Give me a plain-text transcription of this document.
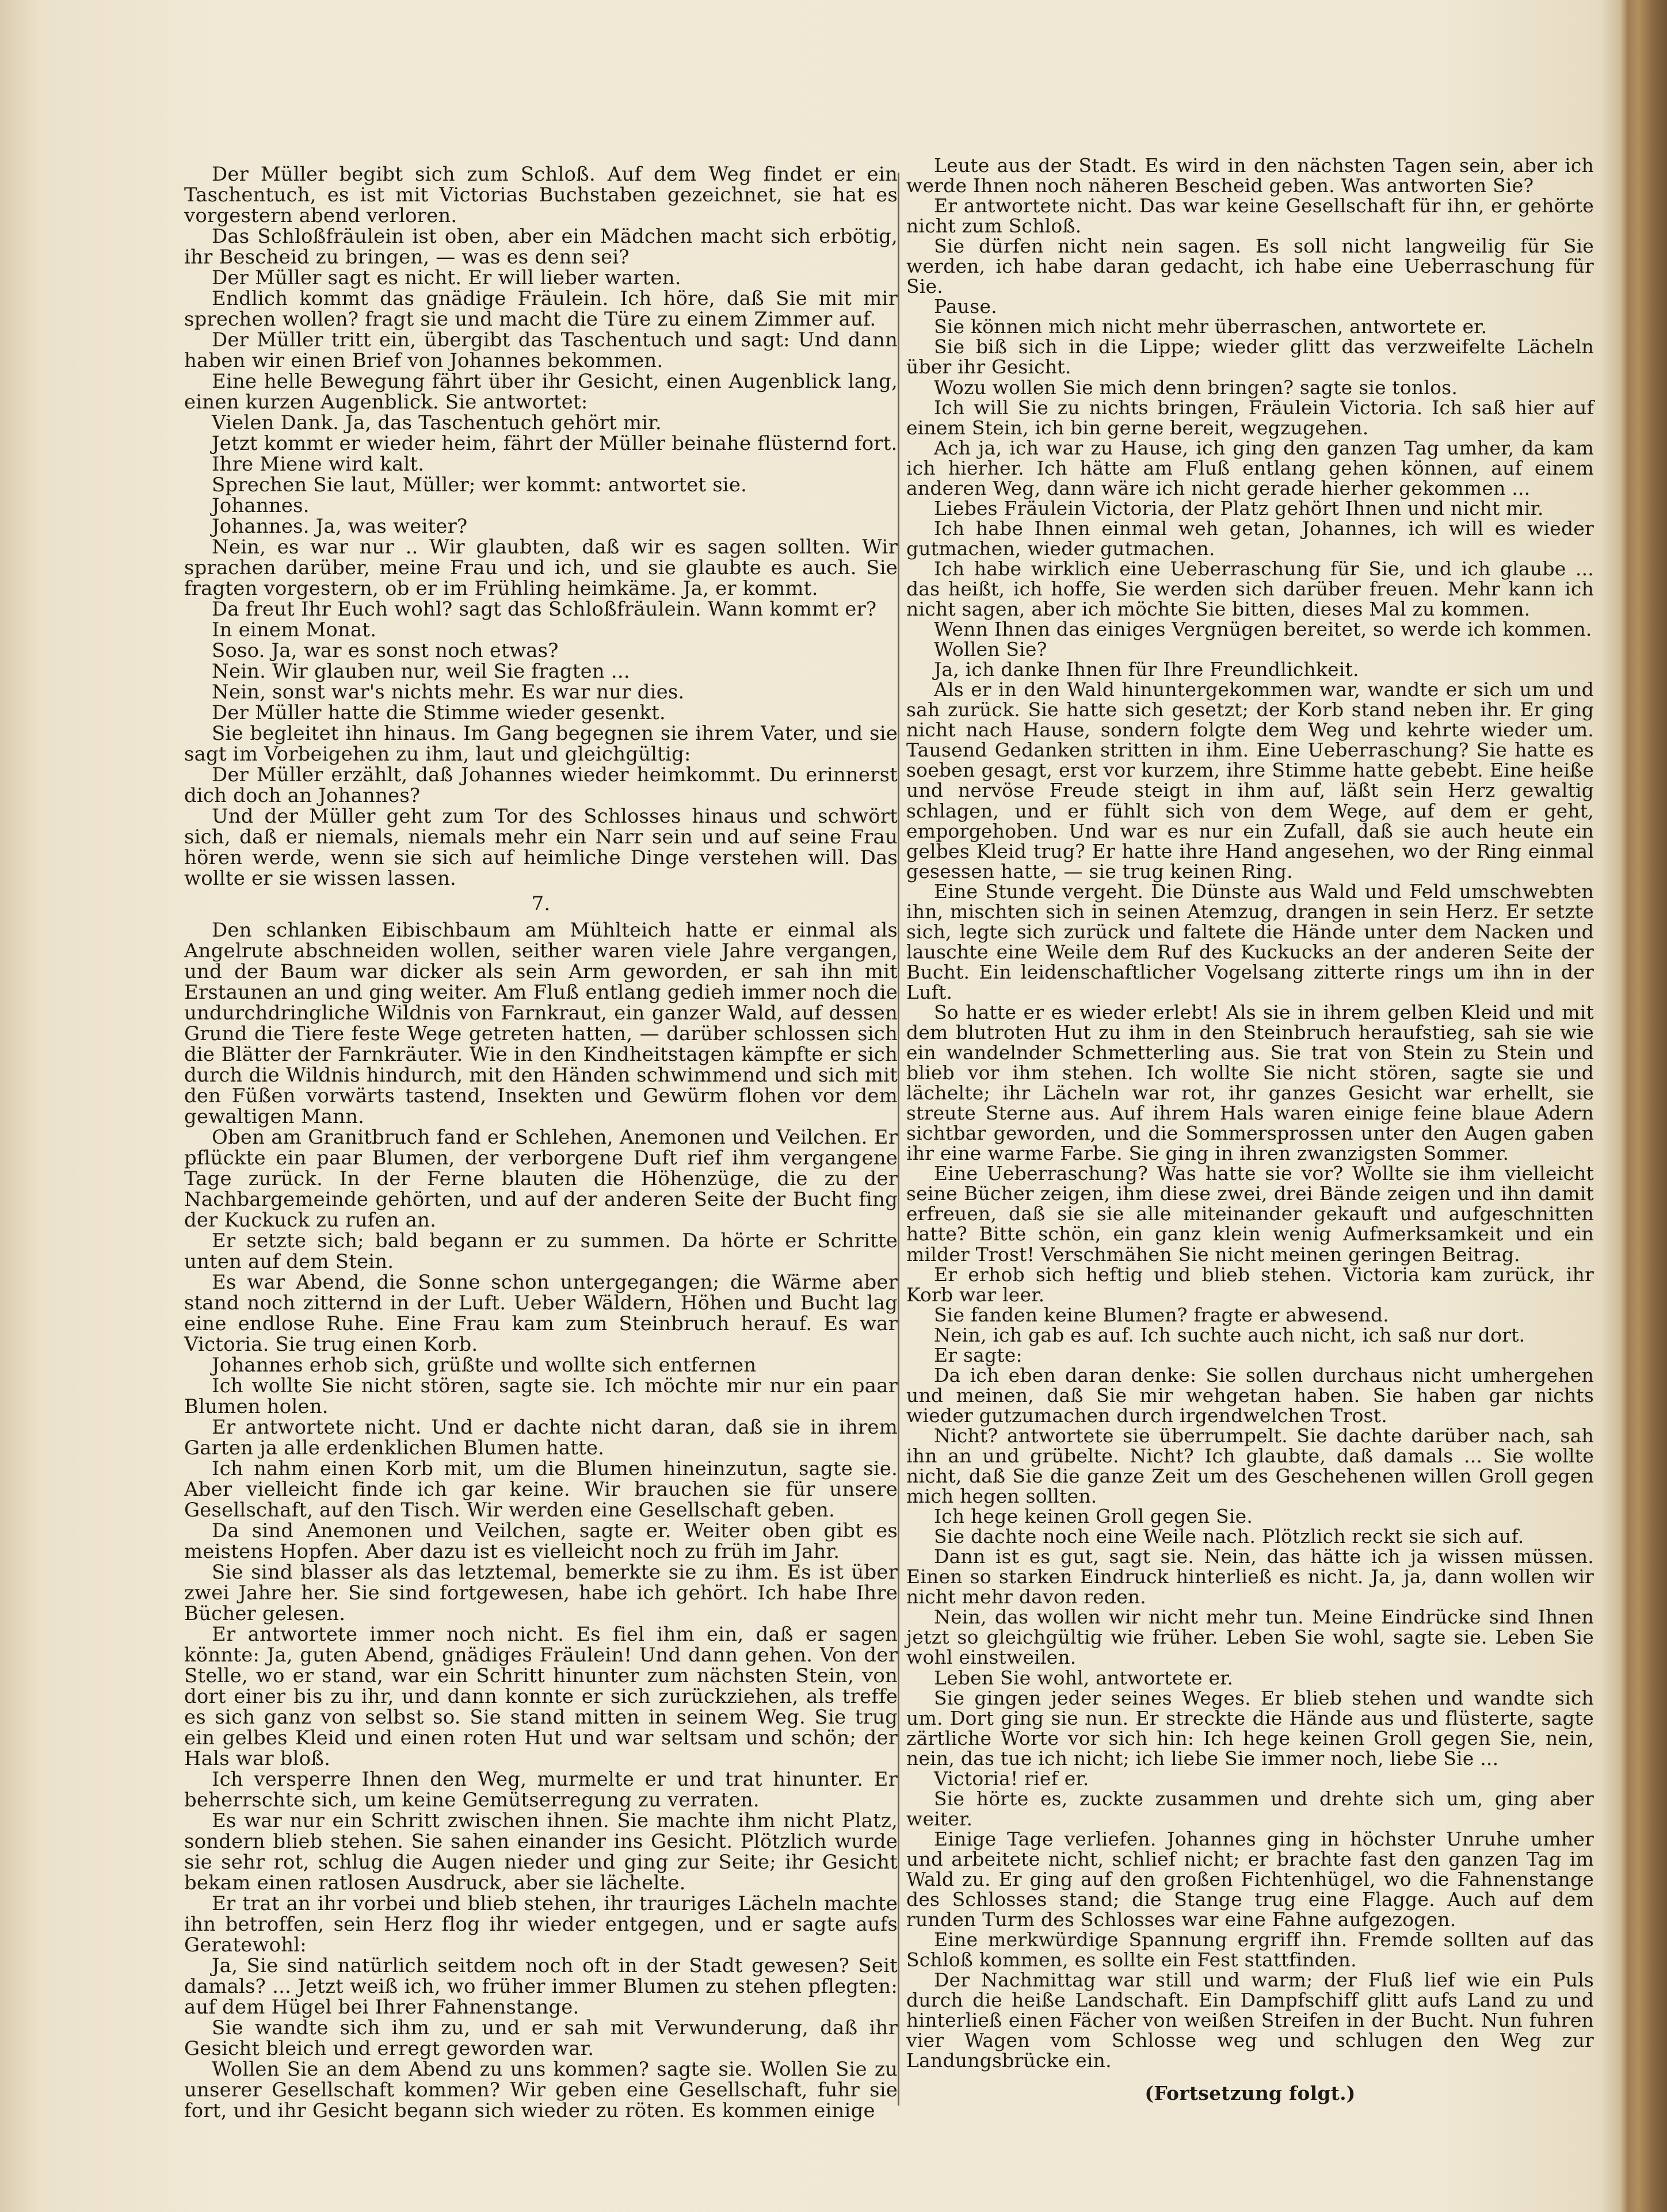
Der Müller begibt sich zum Schloß. Auf dem Weg findet er ein Taschentuch, es ist mit Victorias Buchstaben gezeichnet, sie hat es vorgestern abend verloren.

Das Schloßfräulein ist oben, aber ein Mädchen macht sich erbötig, ihr Bescheid zu bringen, — was es denn sei?

Der Müller sagt es nicht. Er will lieber warten.

Endlich kommt das gnädige Fräulein. Ich höre, daß Sie mit mir sprechen wollen? fragt sie und macht die Türe zu einem Zimmer auf.

Der Müller tritt ein, übergibt das Taschentuch und sagt: Und dann haben wir einen Brief von Johannes bekommen.

Eine helle Bewegung fährt über ihr Gesicht, einen Augenblick lang, einen kurzen Augenblick. Sie antwortet:

Vielen Dank. Ja, das Taschentuch gehört mir.

Jetzt kommt er wieder heim, fährt der Müller beinahe flüsternd fort.

Ihre Miene wird kalt.

Sprechen Sie laut, Müller; wer kommt: antwortet sie.

Johannes.

Johannes. Ja, was weiter?

Nein, es war nur .. Wir glaubten, daß wir es sagen sollten. Wir sprachen darüber, meine Frau und ich, und sie glaubte es auch. Sie fragten vorgestern, ob er im Frühling heimkäme. Ja, er kommt.

Da freut Ihr Euch wohl? sagt das Schloßfräulein. Wann kommt er?

In einem Monat.

Soso. Ja, war es sonst noch etwas?

Nein. Wir glauben nur, weil Sie fragten ...

Nein, sonst war's nichts mehr. Es war nur dies.

Der Müller hatte die Stimme wieder gesenkt.

Sie begleitet ihn hinaus. Im Gang begegnen sie ihrem Vater, und sie sagt im Vorbeigehen zu ihm, laut und gleichgültig:

Der Müller erzählt, daß Johannes wieder heimkommt. Du erinnerst dich doch an Johannes?

Und der Müller geht zum Tor des Schlosses hinaus und schwört sich, daß er niemals, niemals mehr ein Narr sein und auf seine Frau hören werde, wenn sie sich auf heimliche Dinge verstehen will. Das wollte er sie wissen lassen.

7.

Den schlanken Eibischbaum am Mühlteich hatte er einmal als Angelrute abschneiden wollen, seither waren viele Jahre vergangen, und der Baum war dicker als sein Arm geworden, er sah ihn mit Erstaunen an und ging weiter. Am Fluß entlang gedieh immer noch die undurchdringliche Wildnis von Farnkraut, ein ganzer Wald, auf dessen Grund die Tiere feste Wege getreten hatten, — darüber schlossen sich die Blätter der Farnkräuter. Wie in den Kindheitstagen kämpfte er sich durch die Wildnis hindurch, mit den Händen schwimmend und sich mit den Füßen vorwärts tastend, Insekten und Gewürm flohen vor dem gewaltigen Mann.

Oben am Granitbruch fand er Schlehen, Anemonen und Veilchen. Er pflückte ein paar Blumen, der verborgene Duft rief ihm vergangene Tage zurück. In der Ferne blauten die Höhenzüge, die zu der Nachbargemeinde gehörten, und auf der anderen Seite der Bucht fing der Kuckuck zu rufen an.

Er setzte sich; bald begann er zu summen. Da hörte er Schritte unten auf dem Stein.

Es war Abend, die Sonne schon untergegangen; die Wärme aber stand noch zitternd in der Luft. Ueber Wäldern, Höhen und Bucht lag eine endlose Ruhe. Eine Frau kam zum Steinbruch herauf. Es war Victoria. Sie trug einen Korb.

Johannes erhob sich, grüßte und wollte sich entfernen

Ich wollte Sie nicht stören, sagte sie. Ich möchte mir nur ein paar Blumen holen.

Er antwortete nicht. Und er dachte nicht daran, daß sie in ihrem Garten ja alle erdenklichen Blumen hatte.

Ich nahm einen Korb mit, um die Blumen hineinzutun, sagte sie. Aber vielleicht finde ich gar keine. Wir brauchen sie für unsere Gesellschaft, auf den Tisch. Wir werden eine Gesellschaft geben.

Da sind Anemonen und Veilchen, sagte er. Weiter oben gibt es meistens Hopfen. Aber dazu ist es vielleicht noch zu früh im Jahr.

Sie sind blasser als das letztemal, bemerkte sie zu ihm. Es ist über zwei Jahre her. Sie sind fortgewesen, habe ich gehört. Ich habe Ihre Bücher gelesen.

Er antwortete immer noch nicht. Es fiel ihm ein, daß er sagen könnte: Ja, guten Abend, gnädiges Fräulein! Und dann gehen. Von der Stelle, wo er stand, war ein Schritt hinunter zum nächsten Stein, von dort einer bis zu ihr, und dann konnte er sich zurückziehen, als treffe es sich ganz von selbst so. Sie stand mitten in seinem Weg. Sie trug ein gelbes Kleid und einen roten Hut und war seltsam und schön; der Hals war bloß.

Ich versperre Ihnen den Weg, murmelte er und trat hinunter. Er beherrschte sich, um keine Gemütserregung zu verraten.

Es war nur ein Schritt zwischen ihnen. Sie machte ihm nicht Platz, sondern blieb stehen. Sie sahen einander ins Gesicht. Plötzlich wurde sie sehr rot, schlug die Augen nieder und ging zur Seite; ihr Gesicht bekam einen ratlosen Ausdruck, aber sie lächelte.

Er trat an ihr vorbei und blieb stehen, ihr trauriges Lächeln machte ihn betroffen, sein Herz flog ihr wieder entgegen, und er sagte aufs Geratewohl:

Ja, Sie sind natürlich seitdem noch oft in der Stadt gewesen? Seit damals? ... Jetzt weiß ich, wo früher immer Blumen zu stehen pflegten: auf dem Hügel bei Ihrer Fahnenstange.

Sie wandte sich ihm zu, und er sah mit Verwunderung, daß ihr Gesicht bleich und erregt geworden war.

Wollen Sie an dem Abend zu uns kommen? sagte sie. Wollen Sie zu unserer Gesellschaft kommen? Wir geben eine Gesellschaft, fuhr sie fort, und ihr Gesicht begann sich wieder zu röten. Es kommen einige

Leute aus der Stadt. Es wird in den nächsten Tagen sein, aber ich werde Ihnen noch näheren Bescheid geben. Was antworten Sie?

Er antwortete nicht. Das war keine Gesellschaft für ihn, er gehörte nicht zum Schloß.

Sie dürfen nicht nein sagen. Es soll nicht langweilig für Sie werden, ich habe daran gedacht, ich habe eine Ueberraschung für Sie.

Pause.

Sie können mich nicht mehr überraschen, antwortete er.

Sie biß sich in die Lippe; wieder glitt das verzweifelte Lächeln über ihr Gesicht.

Wozu wollen Sie mich denn bringen? sagte sie tonlos.

Ich will Sie zu nichts bringen, Fräulein Victoria. Ich saß hier auf einem Stein, ich bin gerne bereit, wegzugehen.

Ach ja, ich war zu Hause, ich ging den ganzen Tag umher, da kam ich hierher. Ich hätte am Fluß entlang gehen können, auf einem anderen Weg, dann wäre ich nicht gerade hierher gekommen ...

Liebes Fräulein Victoria, der Platz gehört Ihnen und nicht mir.

Ich habe Ihnen einmal weh getan, Johannes, ich will es wieder gutmachen, wieder gutmachen.

Ich habe wirklich eine Ueberraschung für Sie, und ich glaube ... das heißt, ich hoffe, Sie werden sich darüber freuen. Mehr kann ich nicht sagen, aber ich möchte Sie bitten, dieses Mal zu kommen.

Wenn Ihnen das einiges Vergnügen bereitet, so werde ich kommen.

Wollen Sie?

Ja, ich danke Ihnen für Ihre Freundlichkeit.

Als er in den Wald hinuntergekommen war, wandte er sich um und sah zurück. Sie hatte sich gesetzt; der Korb stand neben ihr. Er ging nicht nach Hause, sondern folgte dem Weg und kehrte wieder um. Tausend Gedanken stritten in ihm. Eine Ueberraschung? Sie hatte es soeben gesagt, erst vor kurzem, ihre Stimme hatte gebebt. Eine heiße und nervöse Freude steigt in ihm auf, läßt sein Herz gewaltig schlagen, und er fühlt sich von dem Wege, auf dem er geht, emporgehoben. Und war es nur ein Zufall, daß sie auch heute ein gelbes Kleid trug? Er hatte ihre Hand angesehen, wo der Ring einmal gesessen hatte, — sie trug keinen Ring.

Eine Stunde vergeht. Die Dünste aus Wald und Feld umschwebten ihn, mischten sich in seinen Atemzug, drangen in sein Herz. Er setzte sich, legte sich zurück und faltete die Hände unter dem Nacken und lauschte eine Weile dem Ruf des Kuckucks an der anderen Seite der Bucht. Ein leidenschaftlicher Vogelsang zitterte rings um ihn in der Luft.

So hatte er es wieder erlebt! Als sie in ihrem gelben Kleid und mit dem blutroten Hut zu ihm in den Steinbruch heraufstieg, sah sie wie ein wandelnder Schmetterling aus. Sie trat von Stein zu Stein und blieb vor ihm stehen. Ich wollte Sie nicht stören, sagte sie und lächelte; ihr Lächeln war rot, ihr ganzes Gesicht war erhellt, sie streute Sterne aus. Auf ihrem Hals waren einige feine blaue Adern sichtbar geworden, und die Sommersprossen unter den Augen gaben ihr eine warme Farbe. Sie ging in ihren zwanzigsten Sommer.

Eine Ueberraschung? Was hatte sie vor? Wollte sie ihm vielleicht seine Bücher zeigen, ihm diese zwei, drei Bände zeigen und ihn damit erfreuen, daß sie sie alle miteinander gekauft und aufgeschnitten hatte? Bitte schön, ein ganz klein wenig Aufmerksamkeit und ein milder Trost! Verschmähen Sie nicht meinen geringen Beitrag.

Er erhob sich heftig und blieb stehen. Victoria kam zurück, ihr Korb war leer.

Sie fanden keine Blumen? fragte er abwesend.

Nein, ich gab es auf. Ich suchte auch nicht, ich saß nur dort.

Er sagte:

Da ich eben daran denke: Sie sollen durchaus nicht umhergehen und meinen, daß Sie mir wehgetan haben. Sie haben gar nichts wieder gutzumachen durch irgendwelchen Trost.

Nicht? antwortete sie überrumpelt. Sie dachte darüber nach, sah ihn an und grübelte. Nicht? Ich glaubte, daß damals ... Sie wollte nicht, daß Sie die ganze Zeit um des Geschehenen willen Groll gegen mich hegen sollten.

Ich hege keinen Groll gegen Sie.

Sie dachte noch eine Weile nach. Plötzlich reckt sie sich auf.

Dann ist es gut, sagt sie. Nein, das hätte ich ja wissen müssen. Einen so starken Eindruck hinterließ es nicht. Ja, ja, dann wollen wir nicht mehr davon reden.

Nein, das wollen wir nicht mehr tun. Meine Eindrücke sind Ihnen jetzt so gleichgültig wie früher. Leben Sie wohl, sagte sie. Leben Sie wohl einstweilen.

Leben Sie wohl, antwortete er.

Sie gingen jeder seines Weges. Er blieb stehen und wandte sich um. Dort ging sie nun. Er streckte die Hände aus und flüsterte, sagte zärtliche Worte vor sich hin: Ich hege keinen Groll gegen Sie, nein, nein, das tue ich nicht; ich liebe Sie immer noch, liebe Sie ...

Victoria! rief er.

Sie hörte es, zuckte zusammen und drehte sich um, ging aber weiter.

Einige Tage verliefen. Johannes ging in höchster Unruhe umher und arbeitete nicht, schlief nicht; er brachte fast den ganzen Tag im Wald zu. Er ging auf den großen Fichtenhügel, wo die Fahnenstange des Schlosses stand; die Stange trug eine Flagge. Auch auf dem runden Turm des Schlosses war eine Fahne aufgezogen.

Eine merkwürdige Spannung ergriff ihn. Fremde sollten auf das Schloß kommen, es sollte ein Fest stattfinden.

Der Nachmittag war still und warm; der Fluß lief wie ein Puls durch die heiße Landschaft. Ein Dampfschiff glitt aufs Land zu und hinterließ einen Fächer von weißen Streifen in der Bucht. Nun fuhren vier Wagen vom Schlosse weg und schlugen den Weg zur Landungsbrücke ein.

(Fortsetzung folgt.)
